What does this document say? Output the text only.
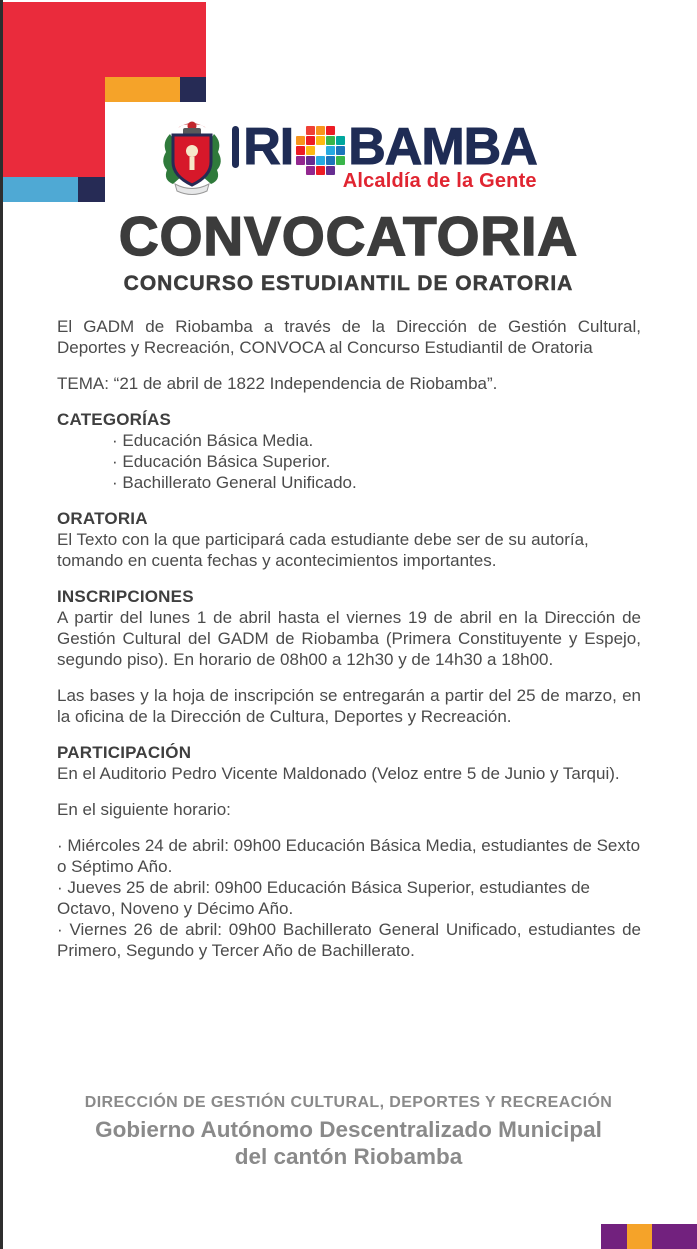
RI BAMBA
Alcaldía de la Gente
CONVOCATORIA
CONCURSO ESTUDIANTIL DE ORATORIA

El GADM de Riobamba a través de la Dirección de Gestión Cultural, Deportes y Recreación, CONVOCA al Concurso Estudiantil de Oratoria

TEMA: “21 de abril de 1822 Independencia de Riobamba”.

CATEGORÍAS

· Educación Básica Media.

· Educación Básica Superior.

· Bachillerato General Unificado.

ORATORIA

El Texto con la que participará cada estudiante debe ser de su autoría, tomando en cuenta fechas y acontecimientos importantes.

INSCRIPCIONES

A partir del lunes 1 de abril hasta el viernes 19 de abril en la Dirección de Gestión Cultural del GADM de Riobamba (Primera Constituyente y Espejo, segundo piso). En horario de 08h00 a 12h30 y de 14h30 a 18h00.

Las bases y la hoja de inscripción se entregarán a partir del 25 de marzo, en la oficina de la Dirección de Cultura, Deportes y Recreación.

PARTICIPACIÓN

En el Auditorio Pedro Vicente Maldonado (Veloz entre 5 de Junio y Tarqui).

En el siguiente horario:

· Miércoles 24 de abril: 09h00 Educación Básica Media, estudiantes de Sexto o Séptimo Año.

· Jueves 25 de abril: 09h00 Educación Básica Superior, estudiantes de Octavo, Noveno y Décimo Año.

· Viernes 26 de abril: 09h00 Bachillerato General Unificado, estudiantes de Primero, Segundo y Tercer Año de Bachillerato.

DIRECCIÓN DE GESTIÓN CULTURAL, DEPORTES Y RECREACIÓN

Gobierno Autónomo Descentralizado Municipal

del cantón Riobamba
